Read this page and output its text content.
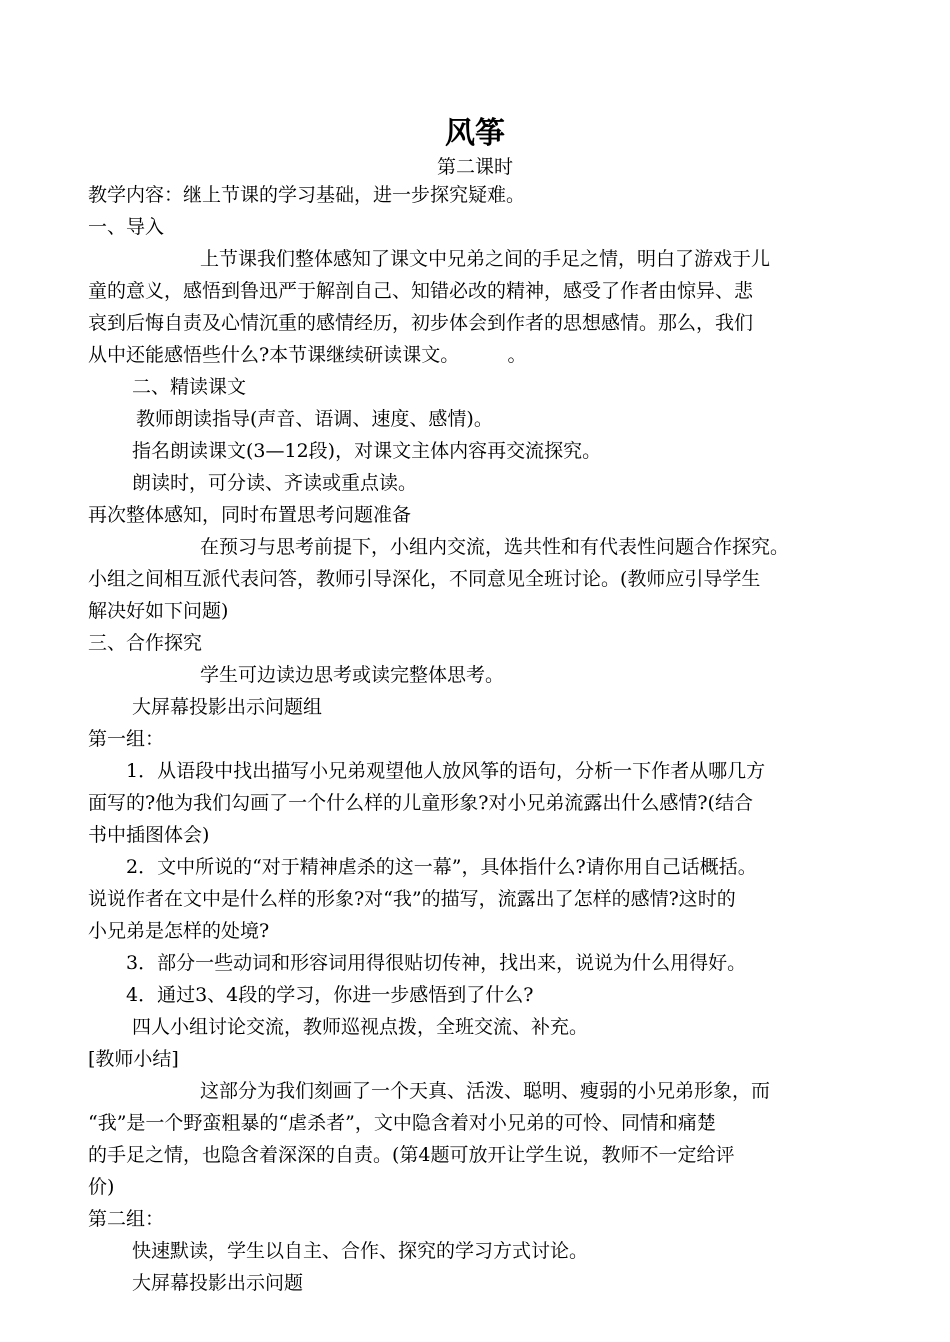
风筝
第二课时
教学内容：继上节课的学习基础，进一步探究疑难。
一、导入
上节课我们整体感知了课文中兄弟之间的手足之情，明白了游戏于儿
童的意义，感悟到鲁迅严于解剖自己、知错必改的精神，感受了作者由惊异、悲
哀到后悔自责及心情沉重的感情经历，初步体会到作者的思想感情。那么，我们
从中还能感悟些什么?本节课继续研读课文。        。
二、精读课文
教师朗读指导(声音、语调、速度、感情)。
指名朗读课文(3—12段)，对课文主体内容再交流探究。
朗读时，可分读、齐读或重点读。
再次整体感知，同时布置思考问题准备
在预习与思考前提下，小组内交流，选共性和有代表性问题合作探究。
小组之间相互派代表问答，教师引导深化，不同意见全班讨论。(教师应引导学生
解决好如下问题)
三、合作探究
学生可边读边思考或读完整体思考。
大屏幕投影出示问题组
第一组：
1．从语段中找出描写小兄弟观望他人放风筝的语句，分析一下作者从哪几方
面写的?他为我们勾画了一个什么样的儿童形象?对小兄弟流露出什么感情?(结合
书中插图体会)
2．文中所说的“对于精神虐杀的这一幕”，具体指什么?请你用自己话概括。
说说作者在文中是什么样的形象?对“我”的描写，流露出了怎样的感情?这时的
小兄弟是怎样的处境?
3．部分一些动词和形容词用得很贴切传神，找出来，说说为什么用得好。
4．通过3、4段的学习，你进一步感悟到了什么?
四人小组讨论交流，教师巡视点拨，全班交流、补充。
[教师小结]
这部分为我们刻画了一个天真、活泼、聪明、瘦弱的小兄弟形象，而
“我”是一个野蛮粗暴的“虐杀者”，文中隐含着对小兄弟的可怜、同情和痛楚
的手足之情，也隐含着深深的自责。(第4题可放开让学生说，教师不一定给评
价)
第二组：
快速默读，学生以自主、合作、探究的学习方式讨论。
大屏幕投影出示问题
